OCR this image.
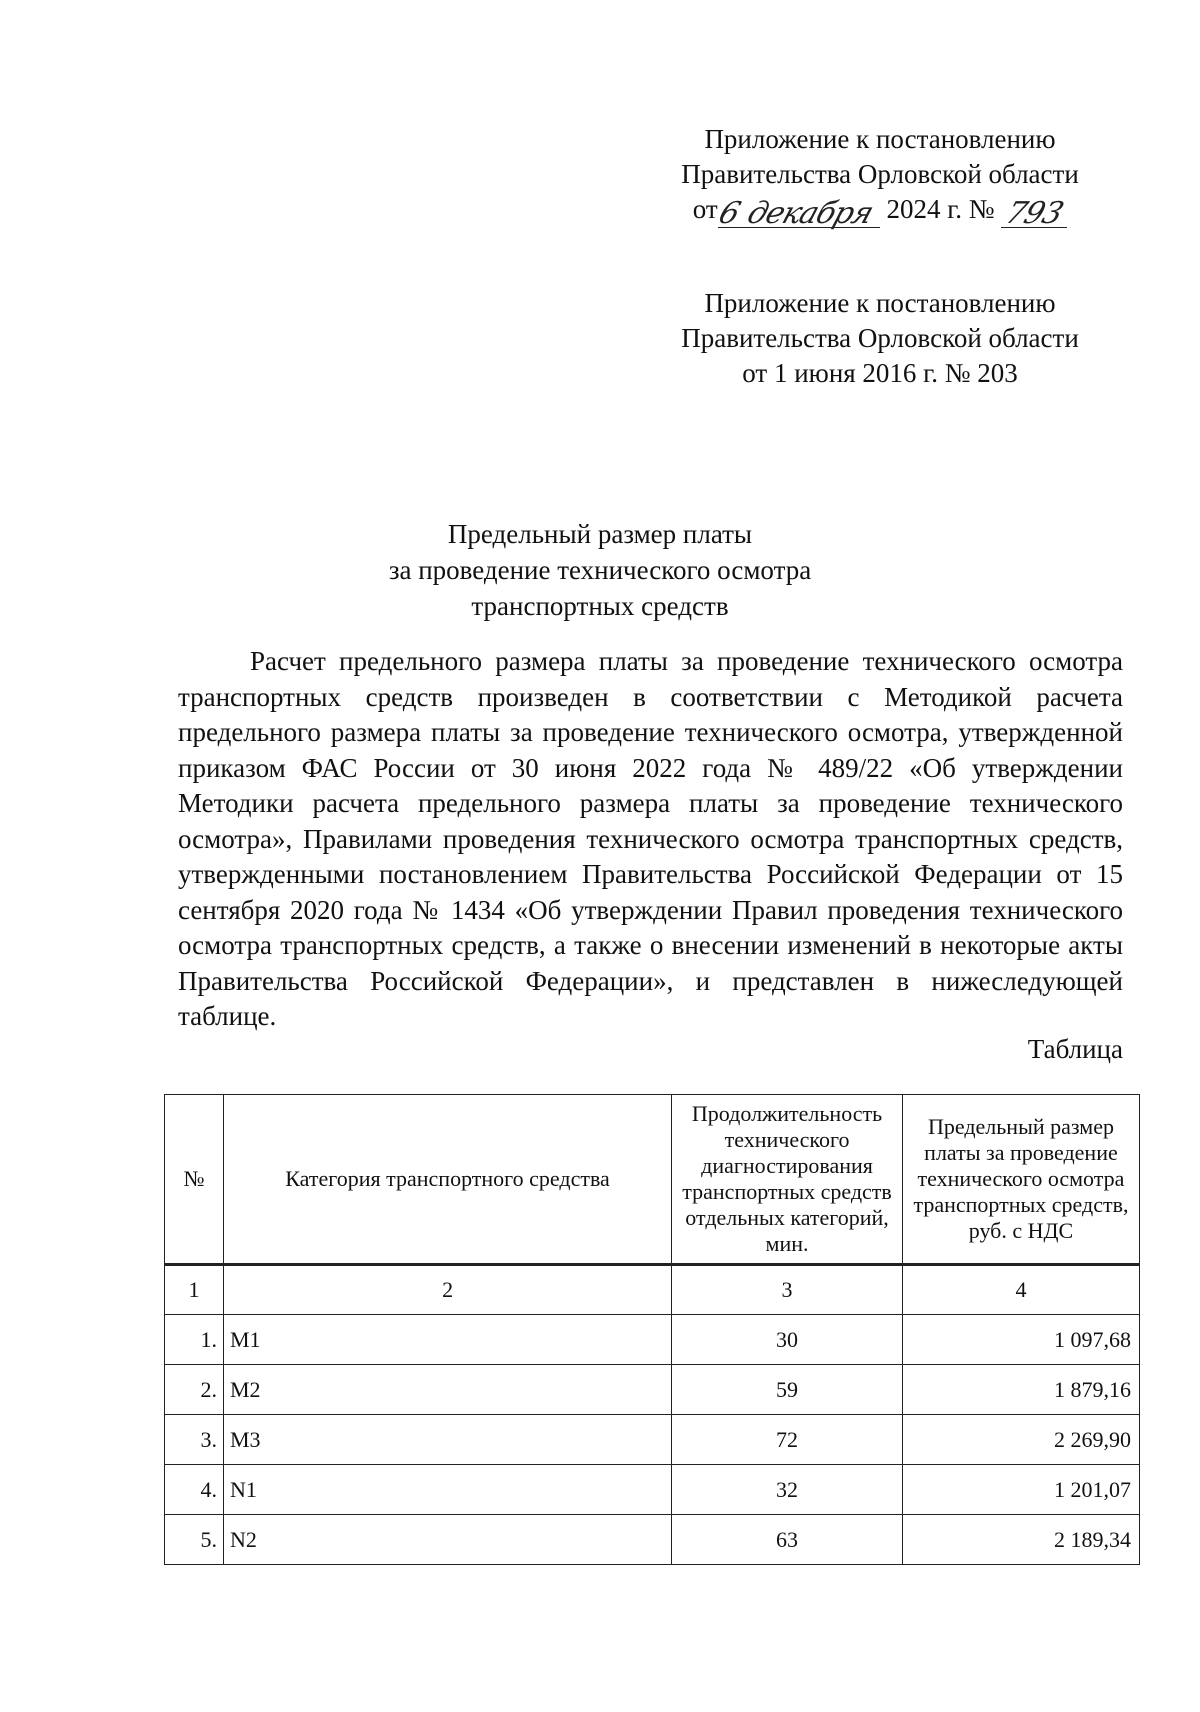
Приложение к постановлению
Правительства Орловской области
от
6
декабря 2024 г. № 793

Приложение к постановлению
Правительства Орловской области
от 1 июня 2016 г. № 203
Предельный размер платы
за проведение технического осмотра
транспортных средств

Расчет предельного размера платы за проведение технического осмотра транспортных средств произведен в соответствии с Методикой расчета предельного размера платы за проведение технического осмотра, утвержденной приказом ФАС России от 30 июня 2022 года № 489/22 «Об утверждении Методики расчета предельного размера платы за проведение технического осмотра», Правилами проведения технического осмотра транспортных средств, утвержденными постановлением Правительства Российской Федерации от 15 сентября 2020 года № 1434 «Об утверждении Правил проведения технического осмотра транспортных средств, а также о внесении изменений в некоторые акты Правительства Российской Федерации», и представлен в нижеследующей таблице.

Таблица
№	Категория транспортного средства	Продолжительность технического диагностирования транспортных средств отдельных категорий, мин.	Предельный размер платы за проведение технического осмотра транспортных средств, руб. с НДС
1	2	3	4
1.	M1	30	1 097,68
2.	M2	59	1 879,16
3.	M3	72	2 269,90
4.	N1	32	1 201,07
5.	N2	63	2 189,34
